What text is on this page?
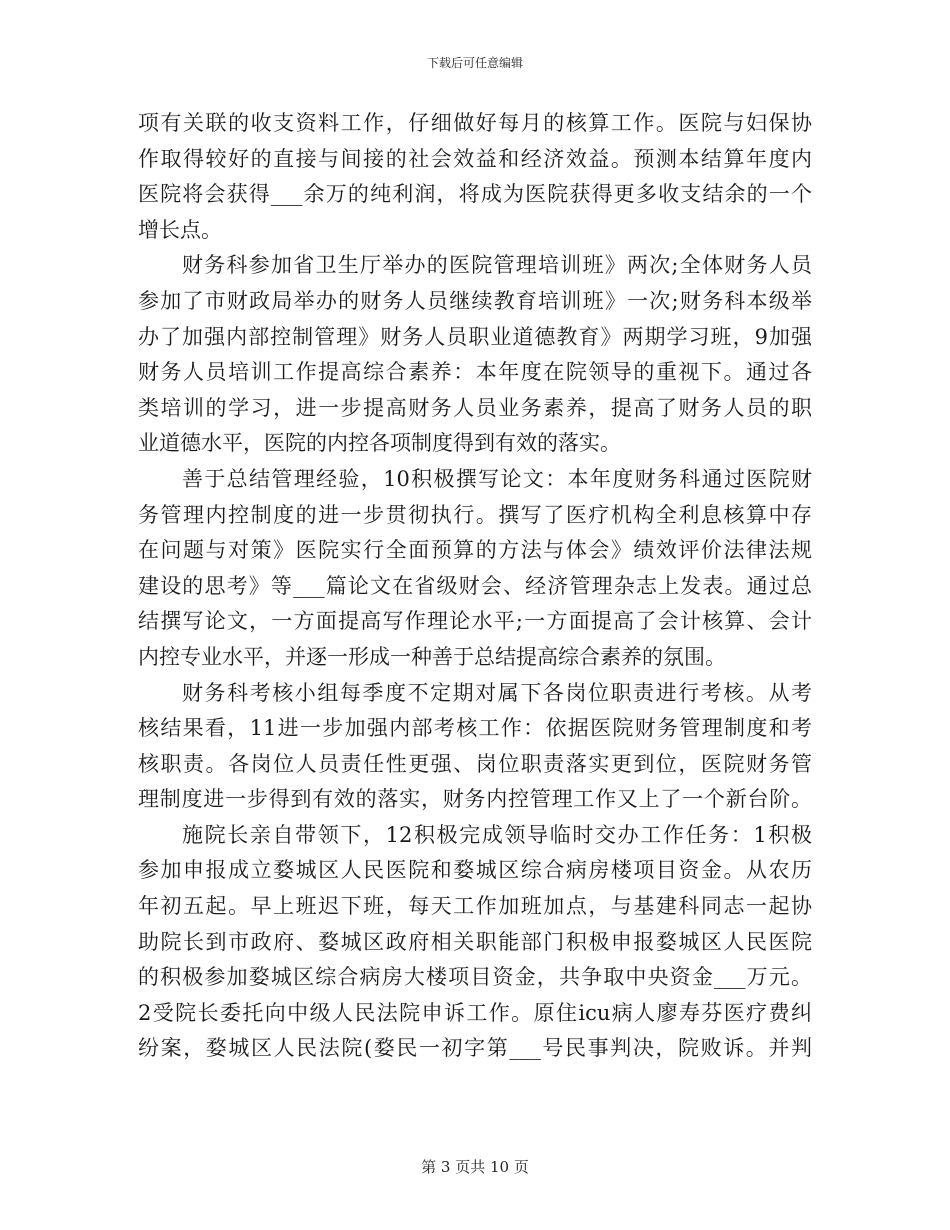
下载后可任意编辑
项有关联的收支资料工作，仔细做好每月的核算工作。医院与妇保协
作取得较好的直接与间接的社会效益和经济效益。预测本结算年度内
医院将会获得___余万的纯利润，将成为医院获得更多收支结余的一个
增长点。
财务科参加省卫生厅举办的医院管理培训班》两次;全体财务人员
参加了市财政局举办的财务人员继续教育培训班》一次;财务科本级举
办了加强内部控制管理》财务人员职业道德教育》两期学习班，9加强
财务人员培训工作提高综合素养：本年度在院领导的重视下。通过各
类培训的学习，进一步提高财务人员业务素养，提高了财务人员的职
业道德水平，医院的内控各项制度得到有效的落实。
善于总结管理经验，10积极撰写论文：本年度财务科通过医院财
务管理内控制度的进一步贯彻执行。撰写了医疗机构全利息核算中存
在问题与对策》医院实行全面预算的方法与体会》绩效评价法律法规
建设的思考》等___篇论文在省级财会、经济管理杂志上发表。通过总
结撰写论文，一方面提高写作理论水平;一方面提高了会计核算、会计
内控专业水平，并逐一形成一种善于总结提高综合素养的氛围。
财务科考核小组每季度不定期对属下各岗位职责进行考核。从考
核结果看，11进一步加强内部考核工作：依据医院财务管理制度和考
核职责。各岗位人员责任性更强、岗位职责落实更到位，医院财务管
理制度进一步得到有效的落实，财务内控管理工作又上了一个新台阶。
施院长亲自带领下，12积极完成领导临时交办工作任务：1积极
参加申报成立婺城区人民医院和婺城区综合病房楼项目资金。从农历
年初五起。早上班迟下班，每天工作加班加点，与基建科同志一起协
助院长到市政府、婺城区政府相关职能部门积极申报婺城区人民医院
的积极参加婺城区综合病房大楼项目资金，共争取中央资金___万元。
2受院长委托向中级人民法院申诉工作。原住icu病人廖寿芬医疗费纠
纷案，婺城区人民法院(婺民一初字第___号民事判决，院败诉。并判
第 3 页共 10 页
